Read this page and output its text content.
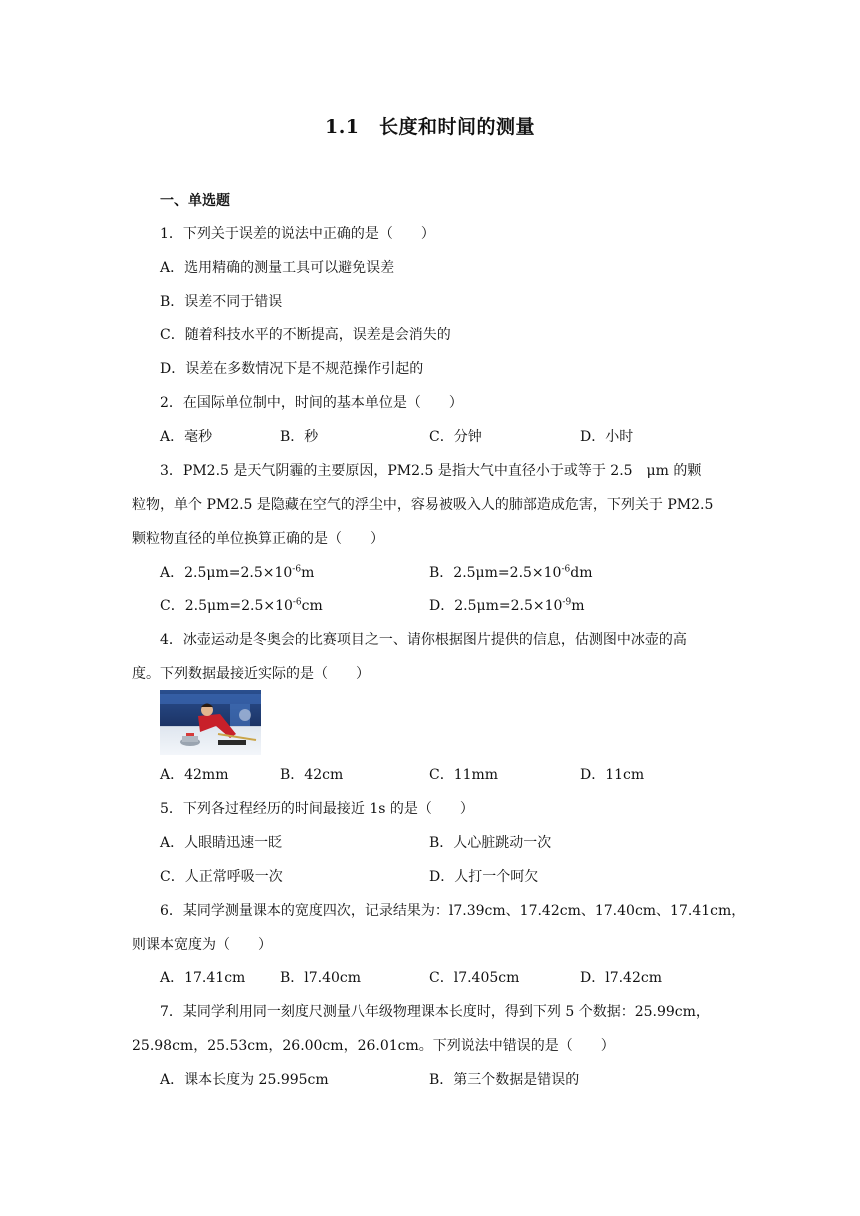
1.1　长度和时间的测量
一、单选题
1．下列关于误差的说法中正确的是（　　）
A．选用精确的测量工具可以避免误差
B．误差不同于错误
C．随着科技水平的不断提高，误差是会消失的
D．误差在多数情况下是不规范操作引起的
2．在国际单位制中，时间的基本单位是（　　）
A．毫秒	B．秒	C．分钟	D．小时
3．PM2.5 是天气阴霾的主要原因，PM2.5 是指大气中直径小于或等于 2.5　μm 的颗
粒物，单个 PM2.5 是隐藏在空气的浮尘中，容易被吸入人的肺部造成危害，下列关于 PM2.5
颗粒物直径的单位换算正确的是（　　）
A．$2.5\mu m=2.5\times 10^{-6}m$	B．$2.5\mu m=2.5\times 10^{-6}dm$
C．$2.5\mu m=2.5\times 10^{-6}cm$	D．$2.5\mu m=2.5\times 10^{-9}m$
4．冰壶运动是冬奥会的比赛项目之一、请你根据图片提供的信息，估测图中冰壶的高
度。下列数据最接近实际的是（　　）
A．42mm	B．42cm	C．11mm	D．11cm
5．下列各过程经历的时间最接近 1s 的是（　　）
A．人眼睛迅速一眨	B．人心脏跳动一次
C．人正常呼吸一次	D．人打一个呵欠
6．某同学测量课本的宽度四次，记录结果为：l7.39cm、17.42cm、17.40cm、17.41cm，
则课本宽度为（　　）
A．17.41cm B．l7.40cm	C．l7.405cm	D．l7.42cm
7．某同学利用同一刻度尺测量八年级物理课本长度时，得到下列 5 个数据：25.99cm，
25.98cm，25.53cm，26.00cm，26.01cm。下列说法中错误的是（　　）
A．课本长度为 25.995cm	B．第三个数据是错误的
